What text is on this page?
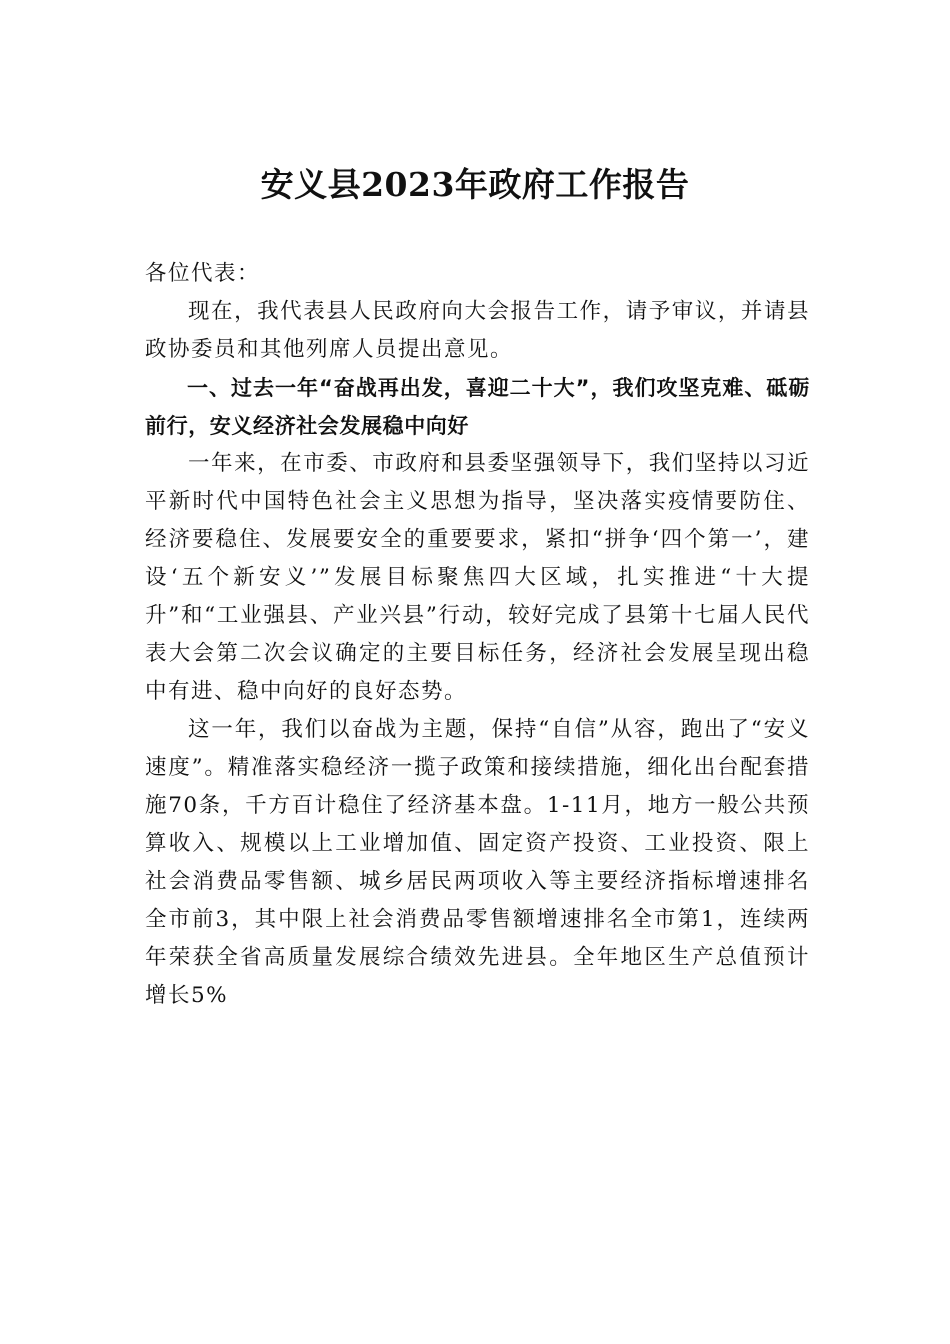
安义县2023年政府工作报告

各位代表：

现在，我代表县人民政府向大会报告工作，请予审议，并请县政协委员和其他列席人员提出意见。

一、过去一年“奋战再出发，喜迎二十大”，我们攻坚克难、砥砺前行，安义经济社会发展稳中向好

一年来，在市委、市政府和县委坚强领导下，我们坚持以习近平新时代中国特色社会主义思想为指导，坚决落实疫情要防住、经济要稳住、发展要安全的重要要求，紧扣“拼争‘四个第一’，建设‘五个新安义’”发展目标聚焦四大区域，扎实推进“十大提升”和“工业强县、产业兴县”行动，较好完成了县第十七届人民代表大会第二次会议确定的主要目标任务，经济社会发展呈现出稳中有进、稳中向好的良好态势。

这一年，我们以奋战为主题，保持“自信”从容，跑出了“安义速度”。精准落实稳经济一揽子政策和接续措施，细化出台配套措施70条，千方百计稳住了经济基本盘。1-11月，地方一般公共预算收入、规模以上工业增加值、固定资产投资、工业投资、限上社会消费品零售额、城乡居民两项收入等主要经济指标增速排名全市前3，其中限上社会消费品零售额增速排名全市第1，连续两年荣获全省高质量发展综合绩效先进县。全年地区生产总值预计增长5%
